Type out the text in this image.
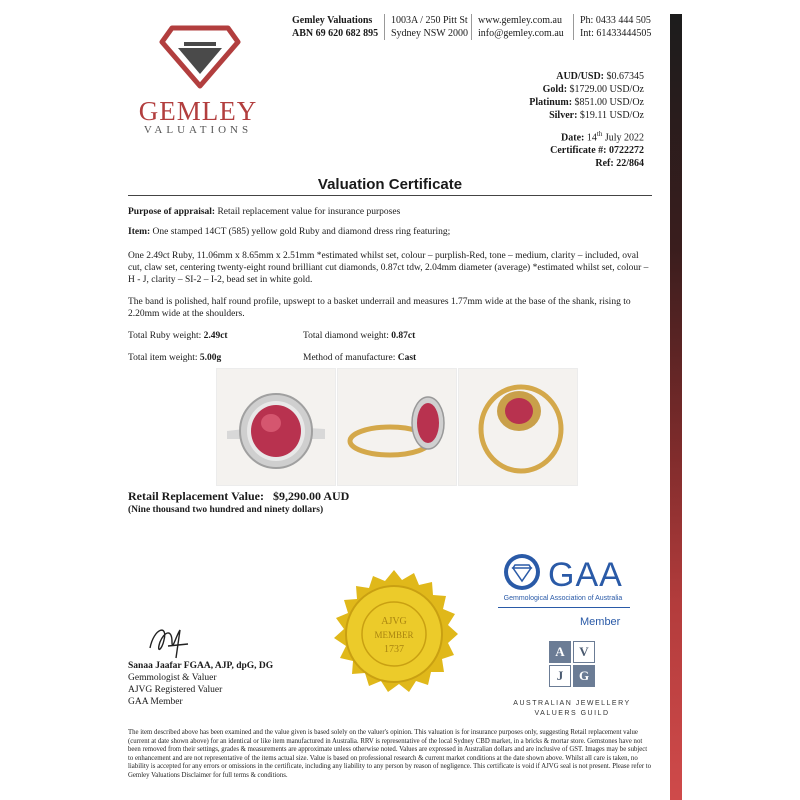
GEMLEY
VALUATIONS
Gemley Valuations
ABN 69 620 682 895
1003A / 250 Pitt St
Sydney NSW 2000
www.gemley.com.au
info@gemley.com.au
Ph: 0433 444 505
Int: 61433444505
AUD/USD: $0.67345
Gold: $1729.00 USD/Oz
Platinum: $851.00 USD/Oz
Silver: $19.11 USD/Oz
Date: 14th July 2022
Certificate #: 0722272
Ref: 22/864
Valuation Certificate
Purpose of appraisal: Retail replacement value for insurance purposes
Item: One stamped 14CT (585) yellow gold Ruby and diamond dress ring featuring;
One 2.49ct Ruby, 11.06mm x 8.65mm x 2.51mm *estimated whilst set, colour – purplish-Red, tone – medium, clarity – included, oval cut, claw set, centering twenty-eight round brilliant cut diamonds, 0.87ct tdw, 2.04mm diameter (average) *estimated whilst set, colour – H - J, clarity – SI-2 – I-2, bead set in white gold.
The band is polished, half round profile, upswept to a basket underrail and measures 1.77mm wide at the base of the shank, rising to 2.20mm wide at the shoulders.
Total Ruby weight: 2.49ct	Total diamond weight: 0.87ct
Total item weight: 5.00g	Method of manufacture: Cast
Retail Replacement Value: $9,290.00 AUD
(Nine thousand two hundred and ninety dollars)
AJVG
MEMBER
1737
GAA
Gemmological Association of Australia
Member
A	V
J	G
AUSTRALIAN JEWELLERY
VALUERS GUILD
Sanaa Jaafar FGAA, AJP, dpG, DG
Gemmologist & Valuer
AJVG Registered Valuer
GAA Member
The item described above has been examined and the value given is based solely on the valuer's opinion. This valuation is for insurance purposes only, suggesting Retail replacement value (current at date shown above) for an identical or like item manufactured in Australia. RRV is representative of the local Sydney CBD market, in a bricks & mortar store. Gemstones have not been removed from their settings, grades & measurements are approximate unless otherwise noted. Values are expressed in Australian dollars and are inclusive of GST. Images may be subject to enhancement and are not representative of the items actual size. Value is based on professional research & current market conditions at the date shown above. Whilst all care is taken, no liability is accepted for any errors or omissions in the certificate, including any liability to any person by reason of negligence. This certificate is void if AJVG seal is not present. Please refer to Gemley Valuations Disclaimer for full terms & conditions.
